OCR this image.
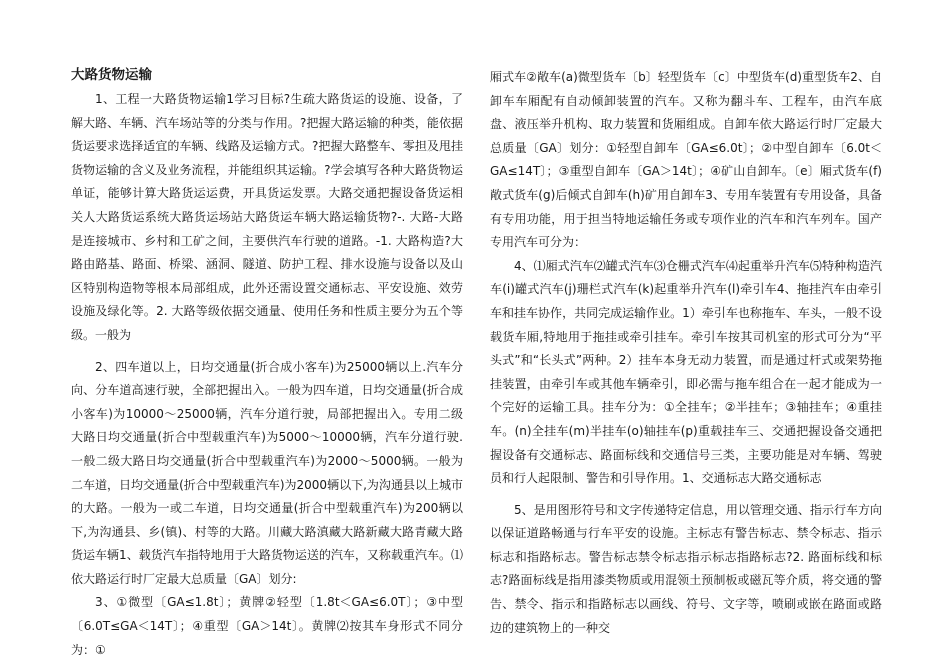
大路货物运输

1、工程一大路货物运输1学习目标?生疏大路货运的设施、设备，了解大路、车辆、汽车场站等的分类与作用。?把握大路运输的种类，能依据货运要求选择适宜的车辆、线路及运输方式。?把握大路整车、零担及甩挂货物运输的含义及业务流程，并能组织其运输。?学会填写各种大路货物运单证，能够计算大路货运运费，开具货运发票。大路交通把握设备货运相关人大路货运系统大路货运场站大路货运车辆大路运输货物?-. 大路-大路是连接城市、乡村和工矿之间，主要供汽车行驶的道路。-1. 大路构造?大路由路基、路面、桥梁、涵洞、隧道、防护工程、排水设施与设备以及山区特别构造物等根本局部组成，此外还需设置交通标志、平安设施、效劳设施及绿化等。2. 大路等级依据交通量、使用任务和性质主要分为五个等级。一般为

2、四车道以上，日均交通量(折合成小客车)为25000辆以上.汽车分向、分车道高速行驶，全部把握出入。一般为四车道，日均交通量(折合成小客车)为10000～25000辆，汽车分道行驶，局部把握出入。专用二级大路日均交通量(折合中型载重汽车)为5000～10000辆，汽车分道行驶.一般二级大路日均交通量(折合中型载重汽车)为2000～5000辆。一般为二车道，日均交通量(折合中型载重汽车)为2000辆以下,为沟通县以上城市的大路。一般为一或二车道，日均交通量(折合中型载重汽车)为200辆以下,为沟通县、乡(镇)、村等的大路。川藏大路滇藏大路新藏大路青藏大路货运车辆1、载货汽车指特地用于大路货物运送的汽车，又称载重汽车。⑴依大路运行时厂定最大总质量〔GA〕划分:

3、①微型〔GA≤1.8t〕；黄牌②轻型〔1.8t＜GA≤6.0T〕；③中型〔6.0T≤GA＜14T〕；④重型〔GA＞14t〕。黄牌⑵按其车身形式不同分为：①

厢式车②敞车(a)微型货车〔b〕轻型货车〔c〕中型货车(d)重型货车2、自卸车车厢配有自动倾卸装置的汽车。又称为翻斗车、工程车，由汽车底盘、液压举升机构、取力装置和货厢组成。自卸车依大路运行时厂定最大总质量〔GA〕划分：①轻型自卸车〔GA≤6.0t〕；②中型自卸车〔6.0t＜GA≤14T〕；③重型自卸车〔GA＞14t〕；④矿山自卸车。〔e〕厢式货车(f)敞式货车(g)后倾式自卸车(h)矿用自卸车3、专用车装置有专用设备，具备有专用功能，用于担当特地运输任务或专项作业的汽车和汽车列车。国产专用汽车可分为：

4、⑴厢式汽车⑵罐式汽车⑶仓栅式汽车⑷起重举升汽车⑸特种构造汽车(i)罐式汽车(j)珊栏式汽车(k)起重举升汽车(l)牵引车4、拖挂汽车由牵引车和挂车协作，共同完成运输作业。1）牵引车也称拖车、车头，一般不设载货车厢,特地用于拖挂或牵引挂车。牵引车按其司机室的形式可分为“平头式”和“长头式”两种。2）挂车本身无动力装置，而是通过杆式或架势拖挂装置，由牵引车或其他车辆牵引，即必需与拖车组合在一起才能成为一个完好的运输工具。挂车分为：①全挂车；②半挂车；③轴挂车；④重挂车。(n)全挂车(m)半挂车(o)轴挂车(p)重载挂车三、交通把握设备交通把握设备有交通标志、路面标线和交通信号三类，主要功能是对车辆、驾驶员和行人起限制、警告和引导作用。1、交通标志大路交通标志

5、是用图形符号和文字传递特定信息，用以管理交通、指示行车方向以保证道路畅通与行车平安的设施。主标志有警告标志、禁令标志、指示标志和指路标志。警告标志禁令标志指示标志指路标志?2. 路面标线和标志?路面标线是指用漆类物质或用混领土预制板或磁瓦等介质，将交通的警告、禁令、指示和指路标志以画线、符号、文字等，喷刷或嵌在路面或路边的建筑物上的一种交
